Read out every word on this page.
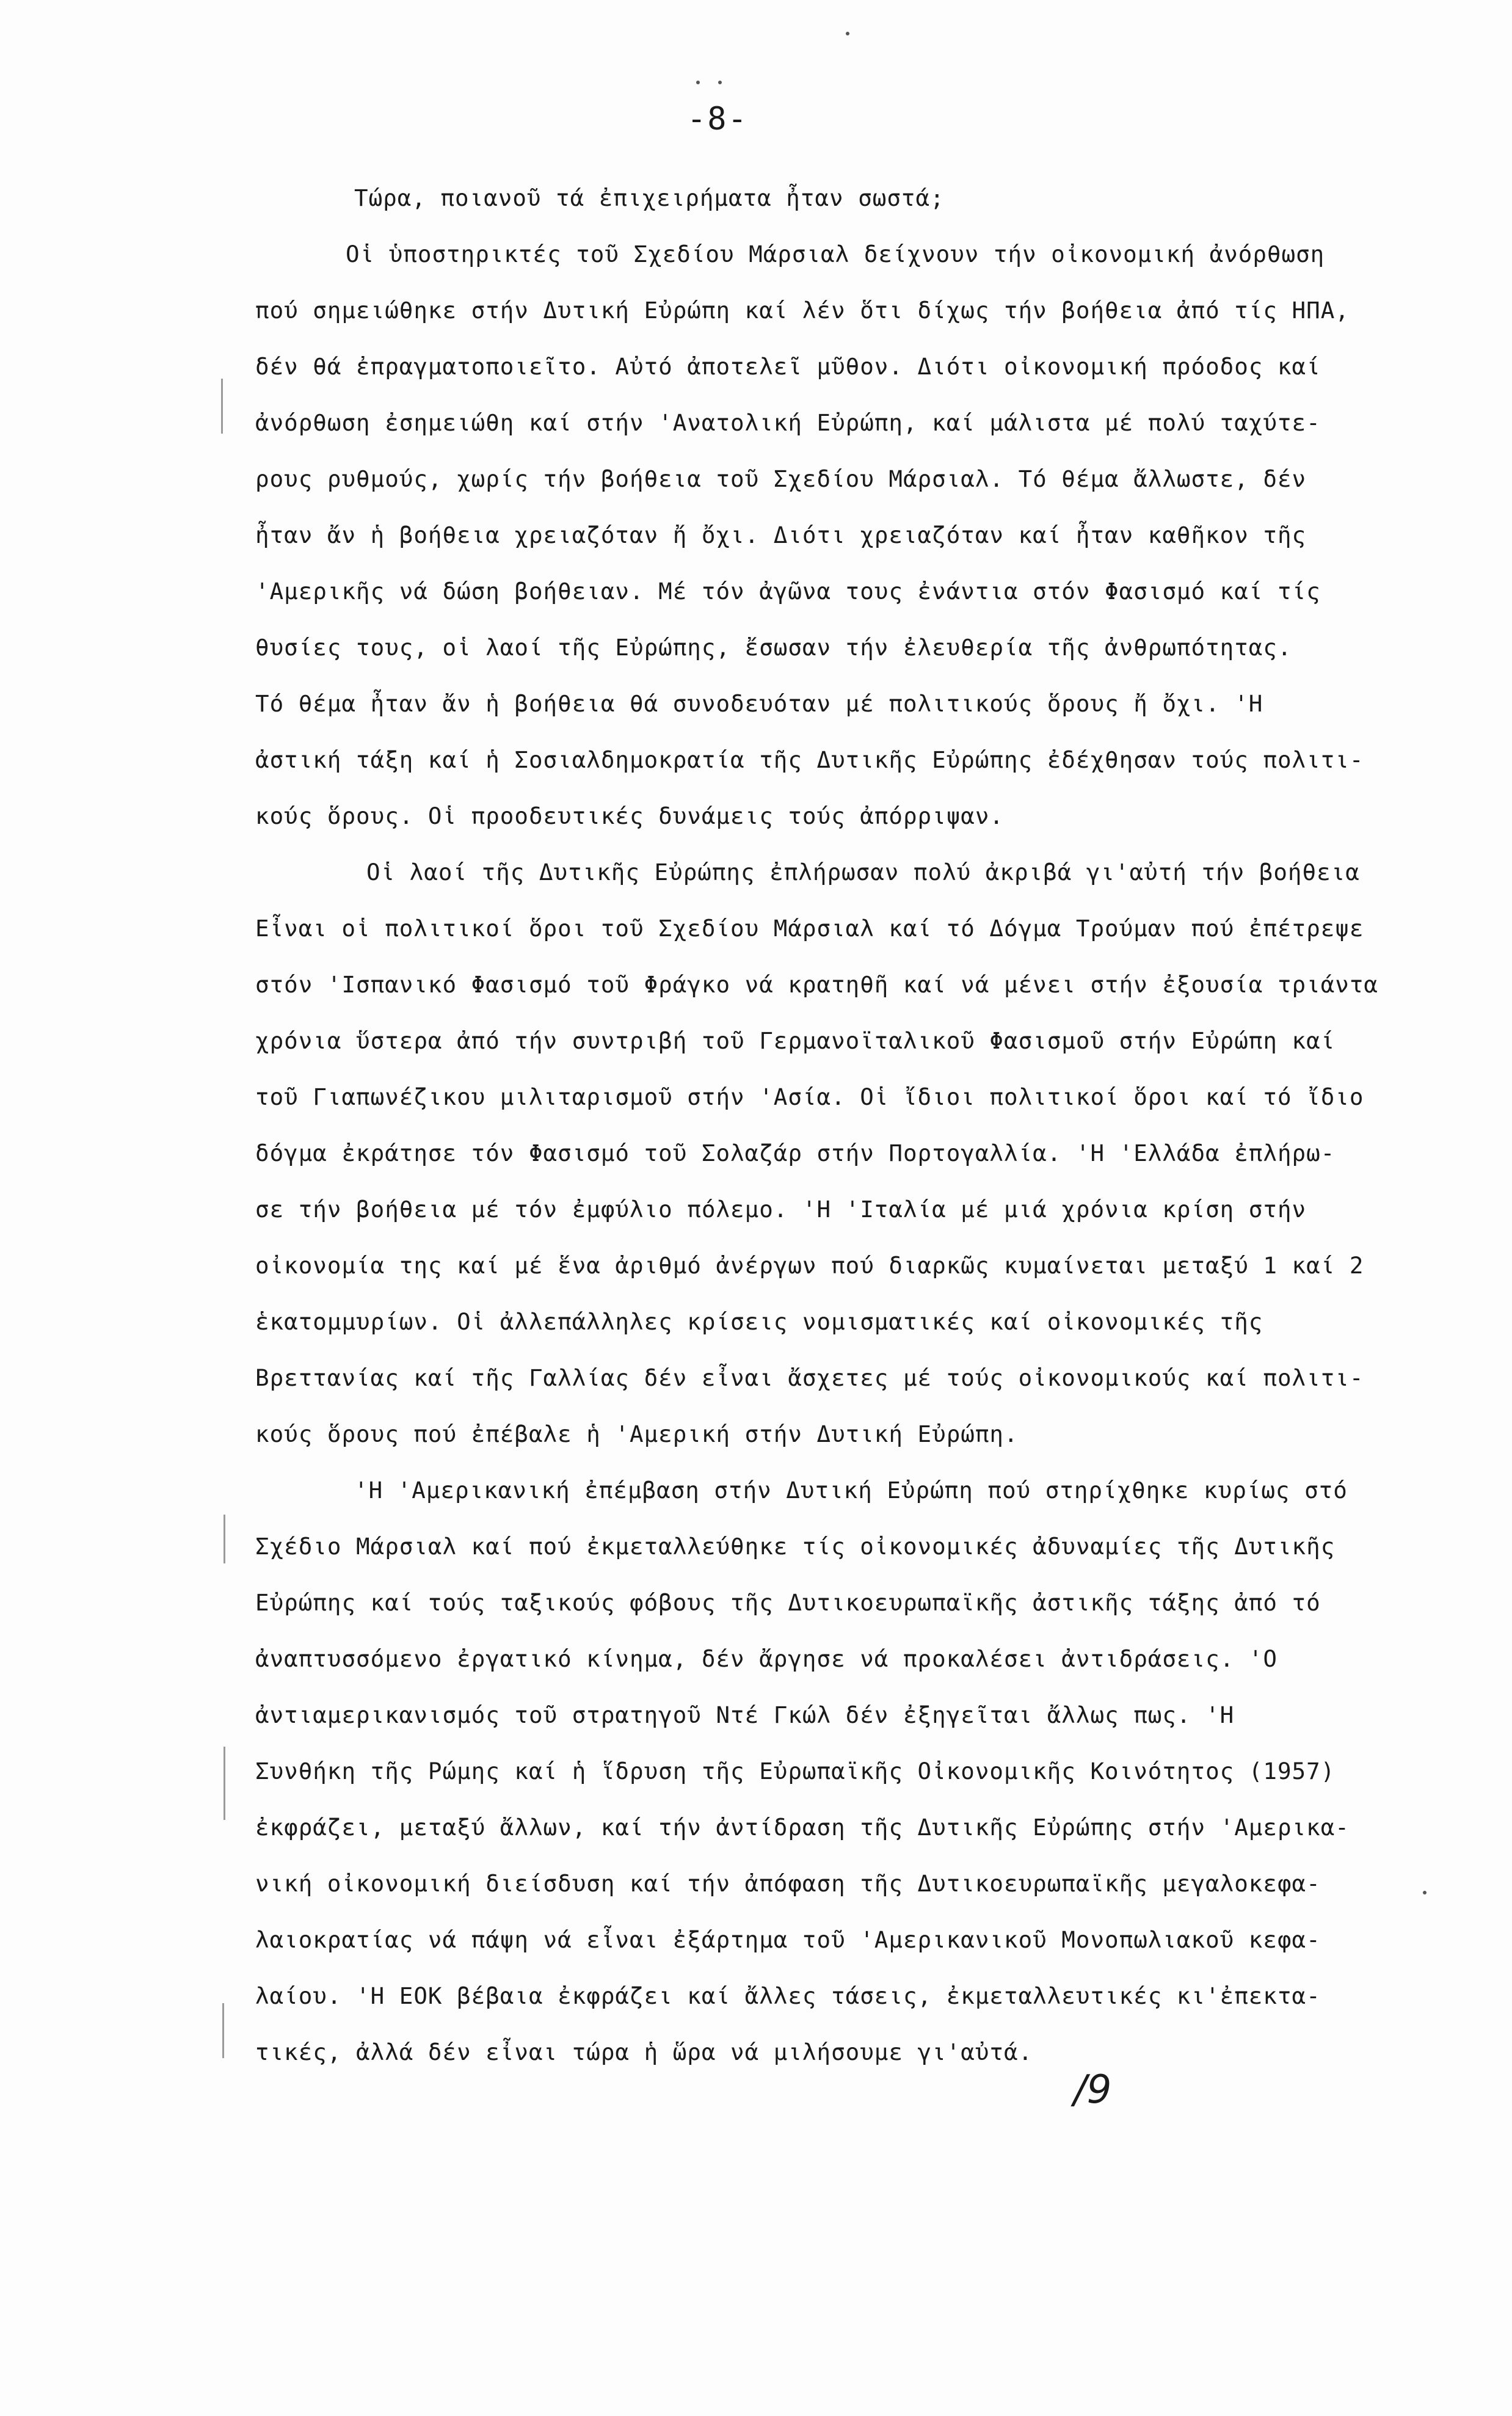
-8-
Τώρα, ποιανοῦ τά ἐπιχειρήματα ἦταν σωστά;
Οἱ ὑποστηρικτές τοῦ Σχεδίου Μάρσιαλ δείχνουν τήν οἰκονομική ἀνόρθωση
πού σημειώθηκε στήν Δυτική Εὐρώπη καί λέν ὅτι δίχως τήν βοήθεια ἀπό τίς ΗΠΑ,
δέν θά ἐπραγματοποιεῖτο. Αὐτό ἀποτελεῖ μῦθον. Διότι οἰκονομική πρόοδος καί
ἀνόρθωση ἐσημειώθη καί στήν 'Ανατολική Εὐρώπη, καί μάλιστα μέ πολύ ταχύτε-
ρους ρυθμούς, χωρίς τήν βοήθεια τοῦ Σχεδίου Μάρσιαλ. Τό θέμα ἄλλωστε, δέν
ἦταν ἄν ἡ βοήθεια χρειαζόταν ἤ ὄχι. Διότι χρειαζόταν καί ἦταν καθῆκον τῆς
'Αμερικῆς νά δώση βοήθειαν. Μέ τόν ἀγῶνα τους ἐνάντια στόν Φασισμό καί τίς
θυσίες τους, οἱ λαοί τῆς Εὐρώπης, ἔσωσαν τήν ἐλευθερία τῆς ἀνθρωπότητας.
Τό θέμα ἦταν ἄν ἡ βοήθεια θά συνοδευόταν μέ πολιτικούς ὅρους ἤ ὄχι. 'Η
ἀστική τάξη καί ἡ Σοσιαλδημοκρατία τῆς Δυτικῆς Εὐρώπης ἐδέχθησαν τούς πολιτι-
κούς ὅρους. Οἱ προοδευτικές δυνάμεις τούς ἀπόρριψαν.
Οἱ λαοί τῆς Δυτικῆς Εὐρώπης ἐπλήρωσαν πολύ ἀκριβά γι'αὐτή τήν βοήθεια
Εἶναι οἱ πολιτικοί ὅροι τοῦ Σχεδίου Μάρσιαλ καί τό Δόγμα Τρούμαν πού ἐπέτρεψε
στόν 'Ισπανικό Φασισμό τοῦ Φράγκο νά κρατηθῆ καί νά μένει στήν ἐξουσία τριάντα
χρόνια ὕστερα ἀπό τήν συντριβή τοῦ Γερμανοϊταλικοῦ Φασισμοῦ στήν Εὐρώπη καί
τοῦ Γιαπωνέζικου μιλιταρισμοῦ στήν 'Ασία. Οἱ ἴδιοι πολιτικοί ὅροι καί τό ἴδιο
δόγμα ἐκράτησε τόν Φασισμό τοῦ Σολαζάρ στήν Πορτογαλλία. 'Η 'Ελλάδα ἐπλήρω-
σε τήν βοήθεια μέ τόν ἐμφύλιο πόλεμο. 'Η 'Ιταλία μέ μιά χρόνια κρίση στήν
οἰκονομία της καί μέ ἕνα ἀριθμό ἀνέργων πού διαρκῶς κυμαίνεται μεταξύ 1 καί 2
ἑκατομμυρίων. Οἱ ἀλλεπάλληλες κρίσεις νομισματικές καί οἰκονομικές τῆς
Βρεττανίας καί τῆς Γαλλίας δέν εἶναι ἄσχετες μέ τούς οἰκονομικούς καί πολιτι-
κούς ὅρους πού ἐπέβαλε ἡ 'Αμερική στήν Δυτική Εὐρώπη.
'Η 'Αμερικανική ἐπέμβαση στήν Δυτική Εὐρώπη πού στηρίχθηκε κυρίως στό
Σχέδιο Μάρσιαλ καί πού ἐκμεταλλεύθηκε τίς οἰκονομικές ἀδυναμίες τῆς Δυτικῆς
Εὐρώπης καί τούς ταξικούς φόβους τῆς Δυτικοευρωπαϊκῆς ἀστικῆς τάξης ἀπό τό
ἀναπτυσσόμενο ἐργατικό κίνημα, δέν ἄργησε νά προκαλέσει ἀντιδράσεις. 'Ο
ἀντιαμερικανισμός τοῦ στρατηγοῦ Ντέ Γκώλ δέν ἐξηγεῖται ἄλλως πως. 'Η
Συνθήκη τῆς Ρώμης καί ἡ ἵδρυση τῆς Εὐρωπαϊκῆς Οἰκονομικῆς Κοινότητος (1957)
ἐκφράζει, μεταξύ ἄλλων, καί τήν ἀντίδραση τῆς Δυτικῆς Εὐρώπης στήν 'Αμερικα-
νική οἰκονομική διείσδυση καί τήν ἀπόφαση τῆς Δυτικοευρωπαϊκῆς μεγαλοκεφα-
λαιοκρατίας νά πάψη νά εἶναι ἐξάρτημα τοῦ 'Αμερικανικοῦ Μονοπωλιακοῦ κεφα-
λαίου. 'Η ΕΟΚ βέβαια ἐκφράζει καί ἄλλες τάσεις, ἐκμεταλλευτικές κι'ἐπεκτα-
τικές, ἀλλά δέν εἶναι τώρα ἡ ὥρα νά μιλήσουμε γι'αὐτά.
/9
